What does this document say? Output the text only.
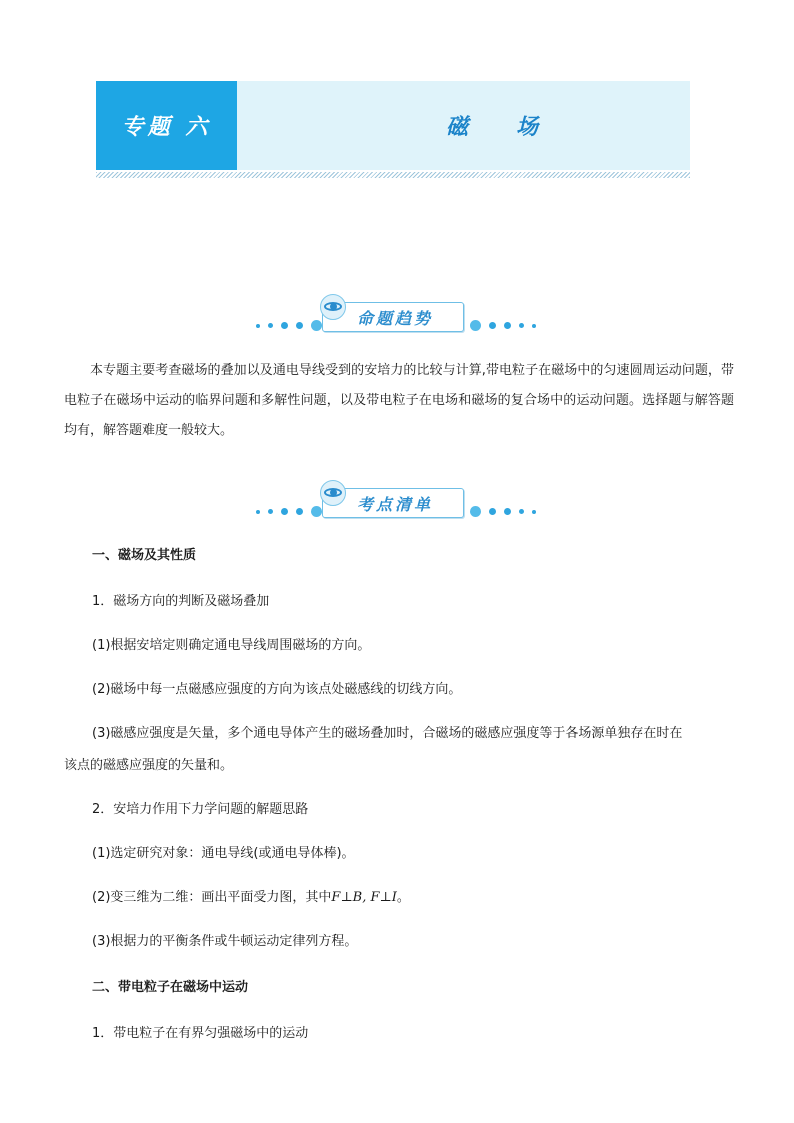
专题 六	磁场
命题趋势
本专题主要考查磁场的叠加以及通电导线受到的安培力的比较与计算,带电粒子在磁场中的匀速圆周运动问题，带电粒子在磁场中运动的临界问题和多解性问题，以及带电粒子在电场和磁场的复合场中的运动问题。选择题与解答题均有，解答题难度一般较大。
考点清单
一、磁场及其性质
1．磁场方向的判断及磁场叠加
(1)根据安培定则确定通电导线周围磁场的方向。
(2)磁场中每一点磁感应强度的方向为该点处磁感线的切线方向。
(3)磁感应强度是矢量，多个通电导体产生的磁场叠加时，合磁场的磁感应强度等于各场源单独存在时在
该点的磁感应强度的矢量和。
2．安培力作用下力学问题的解题思路
(1)选定研究对象：通电导线(或通电导体棒)。
(2)变三维为二维：画出平面受力图，其中F⊥B, F⊥I。
(3)根据力的平衡条件或牛顿运动定律列方程。
二、带电粒子在磁场中运动
1．带电粒子在有界匀强磁场中的运动
